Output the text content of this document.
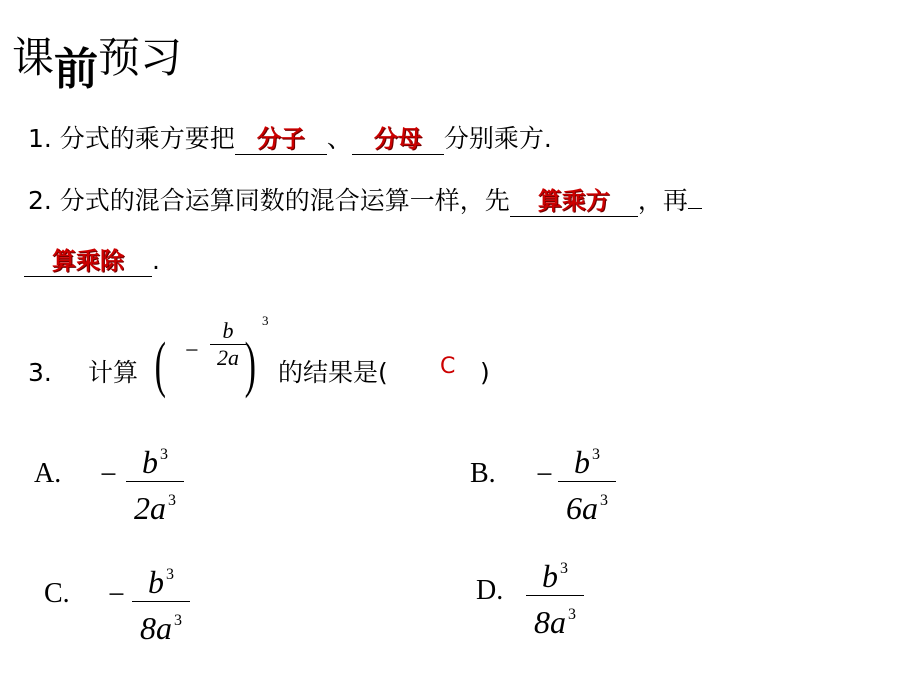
课前预习
1. 分式的乘方要把 分子 、 分母 分别乘方.
2. 分式的混合运算同数的混合运算一样，先 算乘方 ，再
算乘除 .
3. 计算 ( −
b
2a )
3
的结果是( C )
A. − b $^3$
2a $^3$
B. − b $^3$
6a $^3$
C. − b $^3$
8a $^3$
D. b $^3$
8a $^3$
